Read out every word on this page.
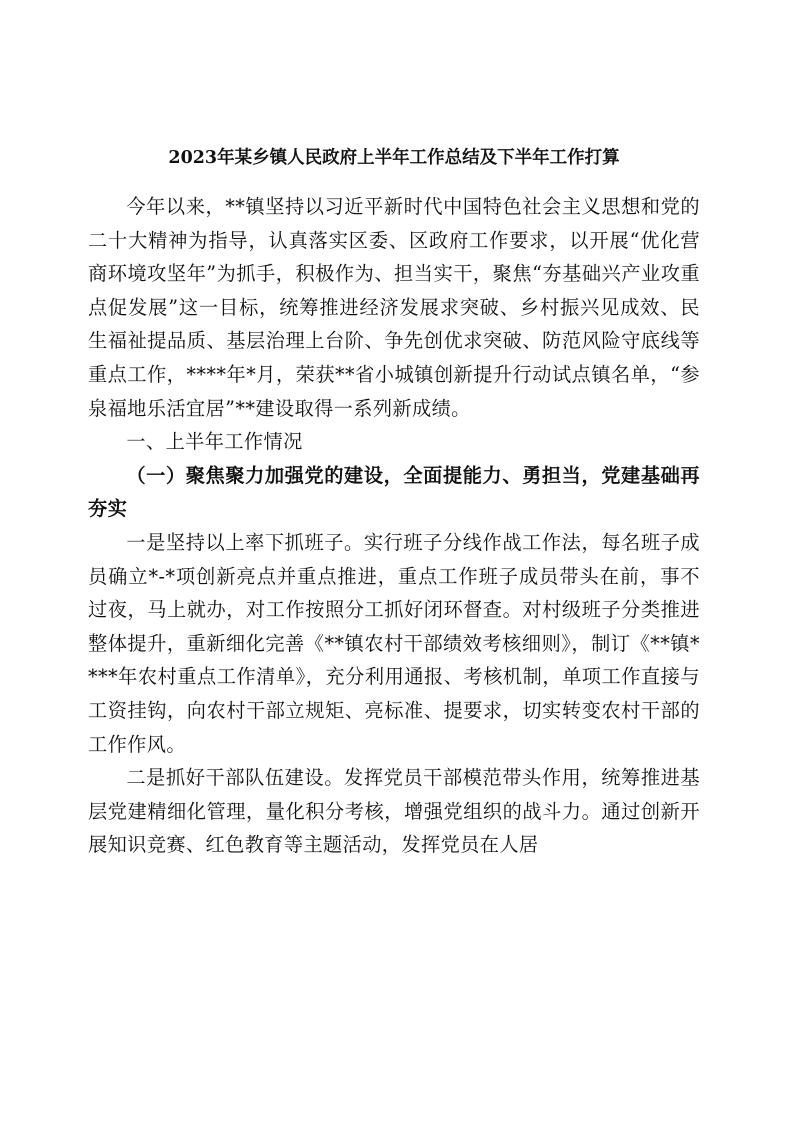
2023年某乡镇人民政府上半年工作总结及下半年工作打算

今年以来，**镇坚持以习近平新时代中国特色社会主义思想和党的二十大精神为指导，认真落实区委、区政府工作要求，以开展“优化营商环境攻坚年”为抓手，积极作为、担当实干，聚焦“夯基础兴产业攻重点促发展”这一目标，统筹推进经济发展求突破、乡村振兴见成效、民生福祉提品质、基层治理上台阶、争先创优求突破、防范风险守底线等重点工作，****年*月，荣获**省小城镇创新提升行动试点镇名单，“参泉福地乐活宜居”**建设取得一系列新成绩。

一、上半年工作情况
（一）聚焦聚力加强党的建设，全面提能力、勇担当，党建基础再夯实

一是坚持以上率下抓班子。实行班子分线作战工作法，每名班子成员确立*-*项创新亮点并重点推进，重点工作班子成员带头在前，事不过夜，马上就办，对工作按照分工抓好闭环督查。对村级班子分类推进整体提升，重新细化完善《**镇农村干部绩效考核细则》，制订《**镇****年农村重点工作清单》，充分利用通报、考核机制，单项工作直接与工资挂钩，向农村干部立规矩、亮标准、提要求，切实转变农村干部的工作作风。

二是抓好干部队伍建设。发挥党员干部模范带头作用，统筹推进基层党建精细化管理，量化积分考核，增强党组织的战斗力。通过创新开展知识竞赛、红色教育等主题活动，发挥党员在人居
